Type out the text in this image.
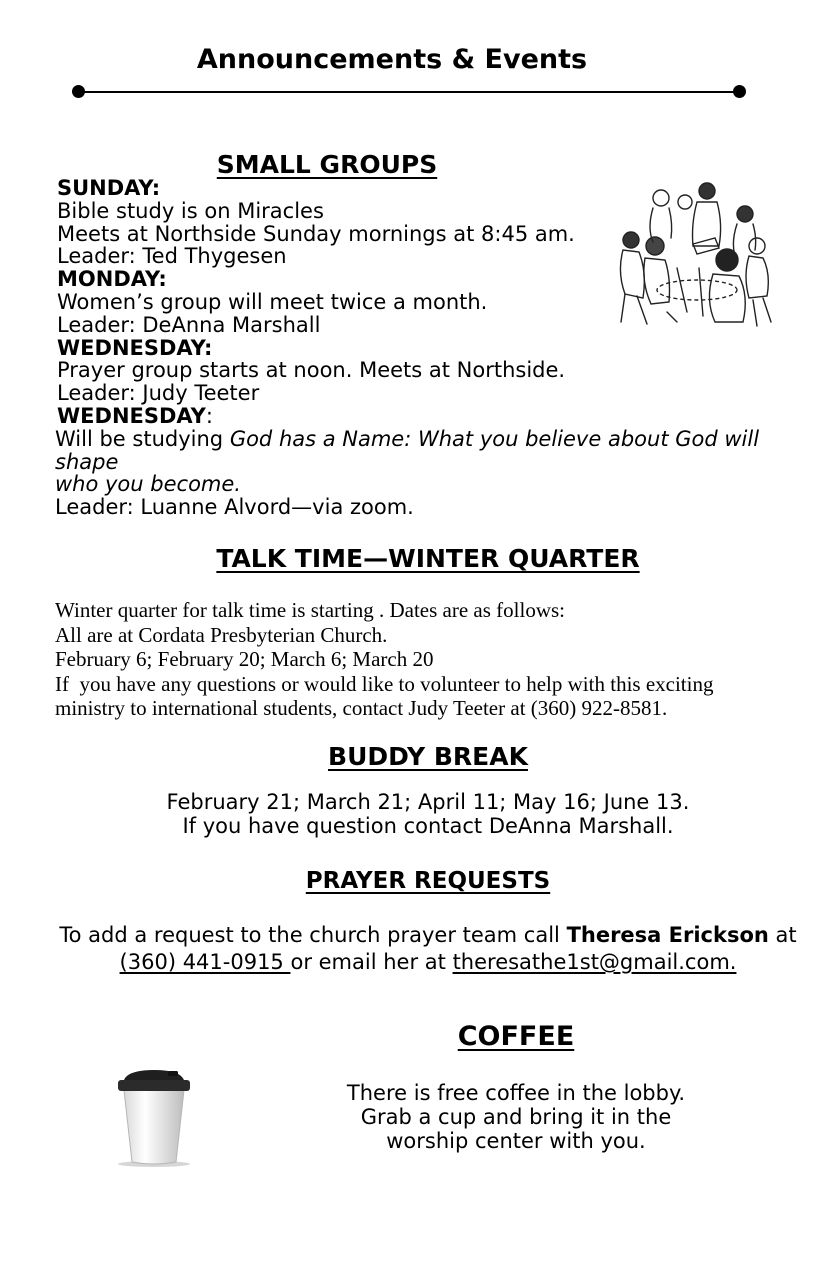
Announcements & Events
SMALL GROUPS
SUNDAY:
Bible study is on Miracles
Meets at Northside Sunday mornings at 8:45 am.
Leader: Ted Thygesen
MONDAY:
Women’s group will meet twice a month.
Leader: DeAnna Marshall
WEDNESDAY:
Prayer group starts at noon. Meets at Northside.
Leader: Judy Teeter
WEDNESDAY:
Will be studying God has a Name: What you believe about God will shape
who you become.
Leader: Luanne Alvord—via zoom.
TALK TIME—WINTER QUARTER
Winter quarter for talk time is starting . Dates are as follows:
All are at Cordata Presbyterian Church.
February 6; February 20; March 6; March 20
If  you have any questions or would like to volunteer to help with this exciting
ministry to international students, contact Judy Teeter at (360) 922-8581.
BUDDY BREAK
February 21; March 21; April 11; May 16; June 13.
If you have question contact DeAnna Marshall.
PRAYER REQUESTS
To add a request to the church prayer team call Theresa Erickson at
(360) 441-0915 or email her at theresathe1st@gmail.com.
COFFEE
There is free coffee in the lobby.
Grab a cup and bring it in the
worship center with you.
